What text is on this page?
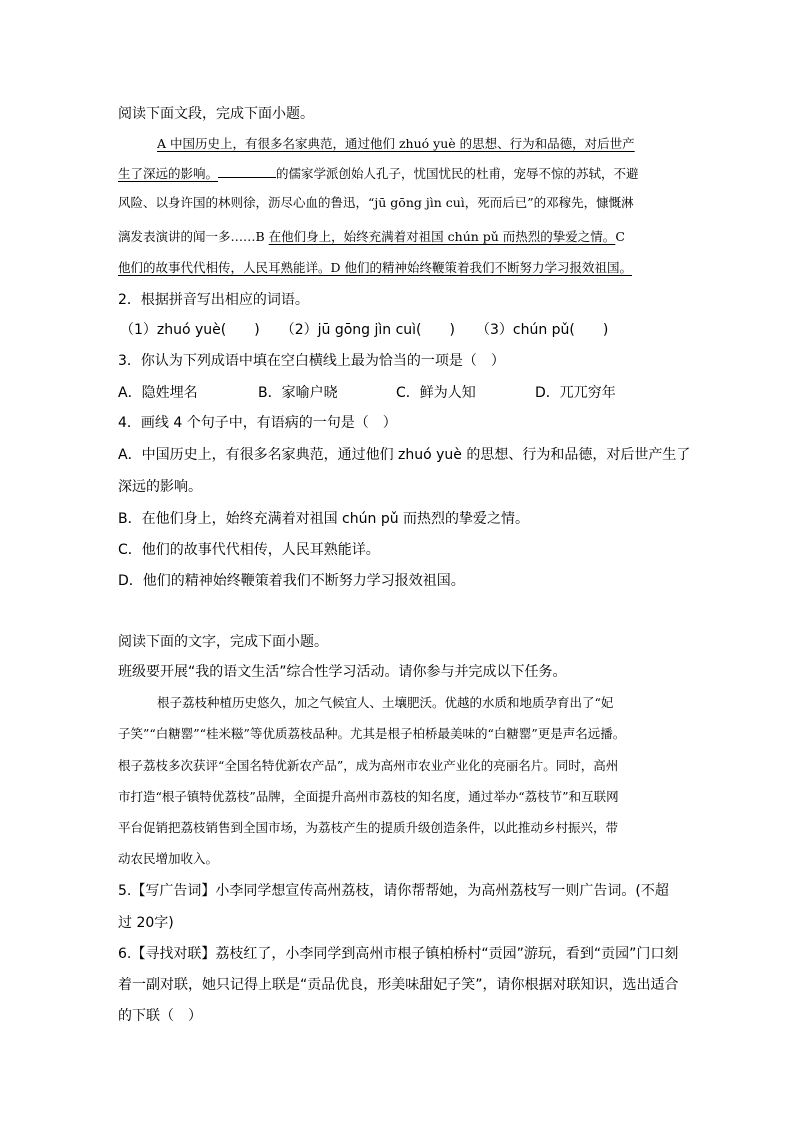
阅读下面文段，完成下面小题。
A 中国历史上，有很多名家典范，通过他们 zhuó yuè 的思想、行为和品德，对后世产
生了深远的影响。	的儒家学派创始人孔子，忧国忧民的杜甫，宠辱不惊的苏轼，不避
风险、以身许国的林则徐，沥尽心血的鲁迅，“jū gōng jìn cuì，死而后已”的邓稼先，慷慨淋
漓发表演讲的闻一多……B 在他们身上，始终充满着对祖国 chún pǔ 而热烈的挚爱之情。C
他们的故事代代相传，人民耳熟能详。D 他们的精神始终鞭策着我们不断努力学习报效祖国。
2．根据拼音写出相应的词语。
（1）zhuó yuè(　　)　　（2）jū gōng jìn cuì(　　)　　（3）chún pǔ(　　)
3．你认为下列成语中填在空白横线上最为恰当的一项是（　）
A．隐姓埋名	B．家喻户晓	C．鲜为人知	D．兀兀穷年
4．画线 4 个句子中，有语病的一句是（　）
A．中国历史上，有很多名家典范，通过他们 zhuó yuè 的思想、行为和品德，对后世产生了
深远的影响。
B．在他们身上，始终充满着对祖国 chún pǔ 而热烈的挚爱之情。
C．他们的故事代代相传，人民耳熟能详。
D．他们的精神始终鞭策着我们不断努力学习报效祖国。
阅读下面的文字，完成下面小题。
班级要开展“我的语文生活”综合性学习活动。请你参与并完成以下任务。
根子荔枝种植历史悠久，加之气候宜人、土壤肥沃。优越的水质和地质孕育出了“妃
子笑”“白糖罂”“桂米糍”等优质荔枝品种。尤其是根子柏桥最美味的“白糖罂”更是声名远播。
根子荔枝多次获评“全国名特优新农产品”，成为高州市农业产业化的亮丽名片。同时，高州
市打造“根子镇特优荔枝”品牌，全面提升高州市荔枝的知名度，通过举办“荔枝节”和互联网
平台促销把荔枝销售到全国市场，为荔枝产生的提质升级创造条件，以此推动乡村振兴，带
动农民增加收入。
5.【写广告词】小李同学想宣传高州荔枝，请你帮帮她，为高州荔枝写一则广告词。(不超
过 20字)
6.【寻找对联】荔枝红了，小李同学到高州市根子镇柏桥村“贡园”游玩，看到“贡园”门口刻
着一副对联，她只记得上联是“贡品优良，形美味甜妃子笑”，请你根据对联知识，选出适合
的下联（　）
